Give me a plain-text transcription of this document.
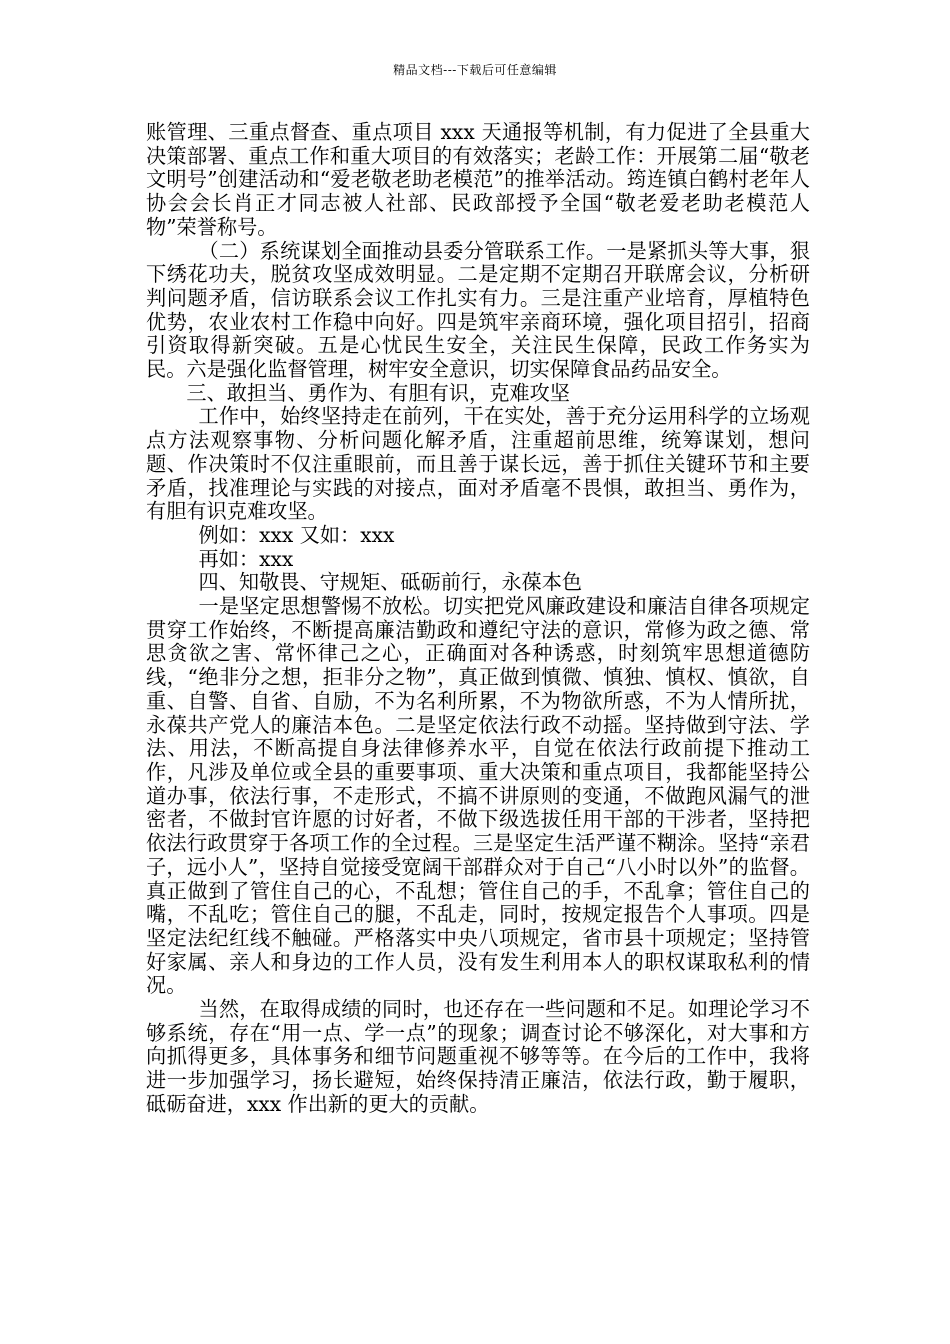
精品文档---下载后可任意编辑

账管理、三重点督查、重点项目 xxx 天通报等机制，有力促进了全县重大决策部署、重点工作和重大项目的有效落实；老龄工作：开展第二届“敬老文明号”创建活动和“爱老敬老助老模范”的推举活动。筠连镇白鹤村老年人协会会长肖正才同志被人社部、民政部授予全国“敬老爱老助老模范人物”荣誉称号。

（二）系统谋划全面推动县委分管联系工作。一是紧抓头等大事，狠下绣花功夫，脱贫攻坚成效明显。二是定期不定期召开联席会议，分析研判问题矛盾，信访联系会议工作扎实有力。三是注重产业培育，厚植特色优势，农业农村工作稳中向好。四是筑牢亲商环境，强化项目招引，招商引资取得新突破。五是心忧民生安全，关注民生保障，民政工作务实为民。六是强化监督管理，树牢安全意识，切实保障食品药品安全。

三、敢担当、勇作为、有胆有识，克难攻坚

工作中，始终坚持走在前列，干在实处，善于充分运用科学的立场观点方法观察事物、分析问题化解矛盾，注重超前思维，统筹谋划，想问题、作决策时不仅注重眼前，而且善于谋长远，善于抓住关键环节和主要矛盾，找准理论与实践的对接点，面对矛盾毫不畏惧，敢担当、勇作为，有胆有识克难攻坚。

例如：xxx 又如：xxx

再如：xxx

四、知敬畏、守规矩、砥砺前行，永葆本色

一是坚定思想警惕不放松。切实把党风廉政建设和廉洁自律各项规定贯穿工作始终，不断提高廉洁勤政和遵纪守法的意识，常修为政之德、常思贪欲之害、常怀律己之心，正确面对各种诱惑，时刻筑牢思想道德防线，“绝非分之想，拒非分之物”，真正做到慎微、慎独、慎权、慎欲，自重、自警、自省、自励，不为名利所累，不为物欲所惑，不为人情所扰，永葆共产党人的廉洁本色。二是坚定依法行政不动摇。坚持做到守法、学法、用法，不断高提自身法律修养水平，自觉在依法行政前提下推动工作，凡涉及单位或全县的重要事项、重大决策和重点项目，我都能坚持公道办事，依法行事，不走形式，不搞不讲原则的变通，不做跑风漏气的泄密者，不做封官许愿的讨好者，不做下级选拔任用干部的干涉者，坚持把依法行政贯穿于各项工作的全过程。三是坚定生活严谨不糊涂。坚持“亲君子，远小人”，坚持自觉接受宽阔干部群众对于自己“八小时以外”的监督。真正做到了管住自己的心，不乱想；管住自己的手，不乱拿；管住自己的嘴，不乱吃；管住自己的腿，不乱走，同时，按规定报告个人事项。四是坚定法纪红线不触碰。严格落实中央八项规定，省市县十项规定；坚持管好家属、亲人和身边的工作人员，没有发生利用本人的职权谋取私利的情况。

当然，在取得成绩的同时，也还存在一些问题和不足。如理论学习不够系统，存在“用一点、学一点”的现象；调查讨论不够深化，对大事和方向抓得更多，具体事务和细节问题重视不够等等。在今后的工作中，我将进一步加强学习，扬长避短，始终保持清正廉洁，依法行政，勤于履职，砥砺奋进，xxx 作出新的更大的贡献。
